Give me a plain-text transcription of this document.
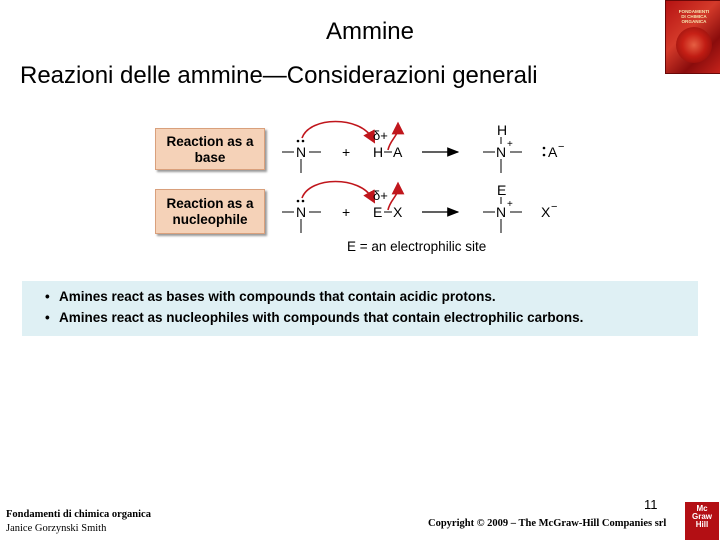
Ammine
Reazioni delle ammine—Considerazioni generali
FONDAMENTI
DI CHIMICA
ORGANICA
Reaction as a
base
Reaction as a
nucleophile
N	+
δ+
H A
H
N +	A −
N	+
δ+
E X
E
N + X −
E = an electrophilic site
• Amines react as bases with compounds that contain acidic protons.
• Amines react as nucleophiles with compounds that contain electrophilic carbons.
Fondamenti di chimica organica
Janice Gorzynski Smith
11
Copyright © 2009 – The McGraw-Hill Companies srl
Mc
Graw
Hill
